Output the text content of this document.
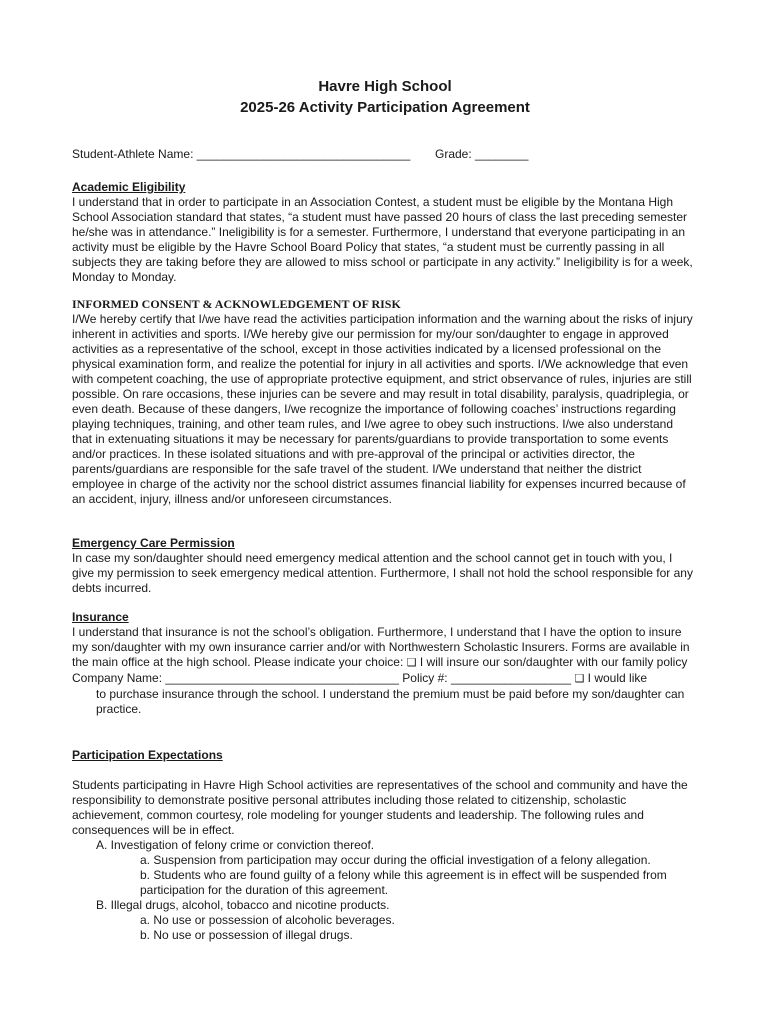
Havre High School
2025-26 Activity Participation Agreement
Student-Athlete Name: ________________________________ Grade: ________

Academic Eligibility

I understand that in order to participate in an Association Contest, a student must be eligible by the Montana High School Association standard that states, “a student must have passed 20 hours of class the last preceding semester he/she was in attendance.” Ineligibility is for a semester. Furthermore, I understand that everyone participating in an activity must be eligible by the Havre School Board Policy that states, “a student must be currently passing in all subjects they are taking before they are allowed to miss school or participate in any activity.” Ineligibility is for a week, Monday to Monday.

INFORMED CONSENT & ACKNOWLEDGEMENT OF RISK

I/We hereby certify that I/we have read the activities participation information and the warning about the risks of injury inherent in activities and sports. I/We hereby give our permission for my/our son/daughter to engage in approved activities as a representative of the school, except in those activities indicated by a licensed professional on the physical examination form, and realize the potential for injury in all activities and sports. I/We acknowledge that even with competent coaching, the use of appropriate protective equipment, and strict observance of rules, injuries are still possible. On rare occasions, these injuries can be severe and may result in total disability, paralysis, quadriplegia, or even death. Because of these dangers, I/we recognize the importance of following coaches’ instructions regarding playing techniques, training, and other team rules, and I/we agree to obey such instructions. I/we also understand that in extenuating situations it may be necessary for parents/guardians to provide transportation to some events and/or practices. In these isolated situations and with pre-approval of the principal or activities director, the parents/guardians are responsible for the safe travel of the student. I/We understand that neither the district employee in charge of the activity nor the school district assumes financial liability for expenses incurred because of an accident, injury, illness and/or unforeseen circumstances.

Emergency Care Permission

In case my son/daughter should need emergency medical attention and the school cannot get in touch with you, I give my permission to seek emergency medical attention. Furthermore, I shall not hold the school responsible for any debts incurred.

Insurance

I understand that insurance is not the school’s obligation. Furthermore, I understand that I have the option to insure my son/daughter with my own insurance carrier and/or with Northwestern Scholastic Insurers. Forms are available in the main office at the high school. Please indicate your choice: ❑ I will insure our son/daughter with our family policy

Company Name: ___________________________________ Policy #: __________________ ❑ I would like

to purchase insurance through the school. I understand the premium must be paid before my son/daughter can practice.

Participation Expectations

Students participating in Havre High School activities are representatives of the school and community and have the responsibility to demonstrate positive personal attributes including those related to citizenship, scholastic achievement, common courtesy, role modeling for younger students and leadership. The following rules and consequences will be in effect.

A. Investigation of felony crime or conviction thereof.

a. Suspension from participation may occur during the official investigation of a felony allegation.

b. Students who are found guilty of a felony while this agreement is in effect will be suspended from participation for the duration of this agreement.

B. Illegal drugs, alcohol, tobacco and nicotine products.

a. No use or possession of alcoholic beverages.

b. No use or possession of illegal drugs.
